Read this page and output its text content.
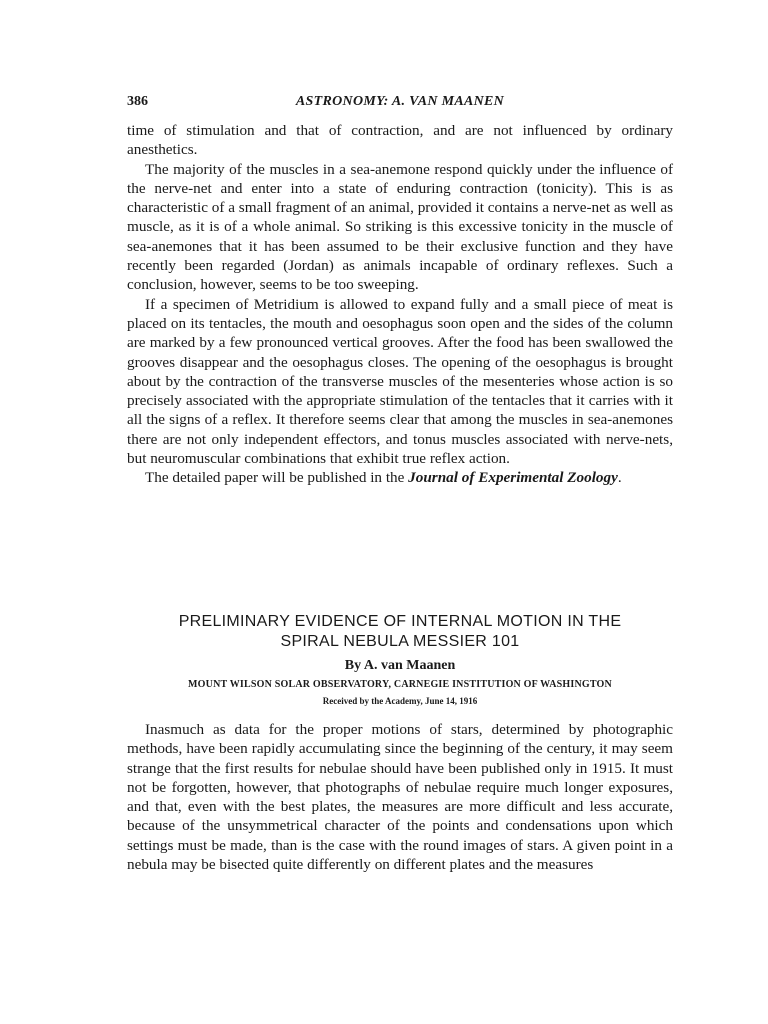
386	ASTRONOMY: A. VAN MAANEN

time of stimulation and that of contraction, and are not influenced by ordinary anesthetics.

The majority of the muscles in a sea-anemone respond quickly under the influence of the nerve-net and enter into a state of enduring contraction (tonicity). This is as characteristic of a small fragment of an animal, provided it contains a nerve-net as well as muscle, as it is of a whole animal. So striking is this excessive tonicity in the muscle of sea-anemones that it has been assumed to be their exclusive function and they have recently been regarded (Jordan) as animals incapable of ordinary reflexes. Such a conclusion, however, seems to be too sweeping.

If a specimen of Metridium is allowed to expand fully and a small piece of meat is placed on its tentacles, the mouth and oesophagus soon open and the sides of the column are marked by a few pronounced vertical grooves. After the food has been swallowed the grooves disappear and the oesophagus closes. The opening of the oesophagus is brought about by the contraction of the transverse muscles of the mesenteries whose action is so precisely associated with the appropriate stimulation of the tentacles that it carries with it all the signs of a reflex. It therefore seems clear that among the muscles in sea-anemones there are not only independent effectors, and tonus muscles associated with nerve-nets, but neuromuscular combinations that exhibit true reflex action.

The detailed paper will be published in the Journal of Experimental Zoology.

PRELIMINARY EVIDENCE OF INTERNAL MOTION IN THE
SPIRAL NEBULA MESSIER 101
By A. van Maanen
MOUNT WILSON SOLAR OBSERVATORY, CARNEGIE INSTITUTION OF WASHINGTON
Received by the Academy, June 14, 1916

Inasmuch as data for the proper motions of stars, determined by photographic methods, have been rapidly accumulating since the beginning of the century, it may seem strange that the first results for nebulae should have been published only in 1915. It must not be forgotten, however, that photographs of nebulae require much longer exposures, and that, even with the best plates, the measures are more difficult and less accurate, because of the unsymmetrical character of the points and condensations upon which settings must be made, than is the case with the round images of stars. A given point in a nebula may be bisected quite differently on different plates and the measures
